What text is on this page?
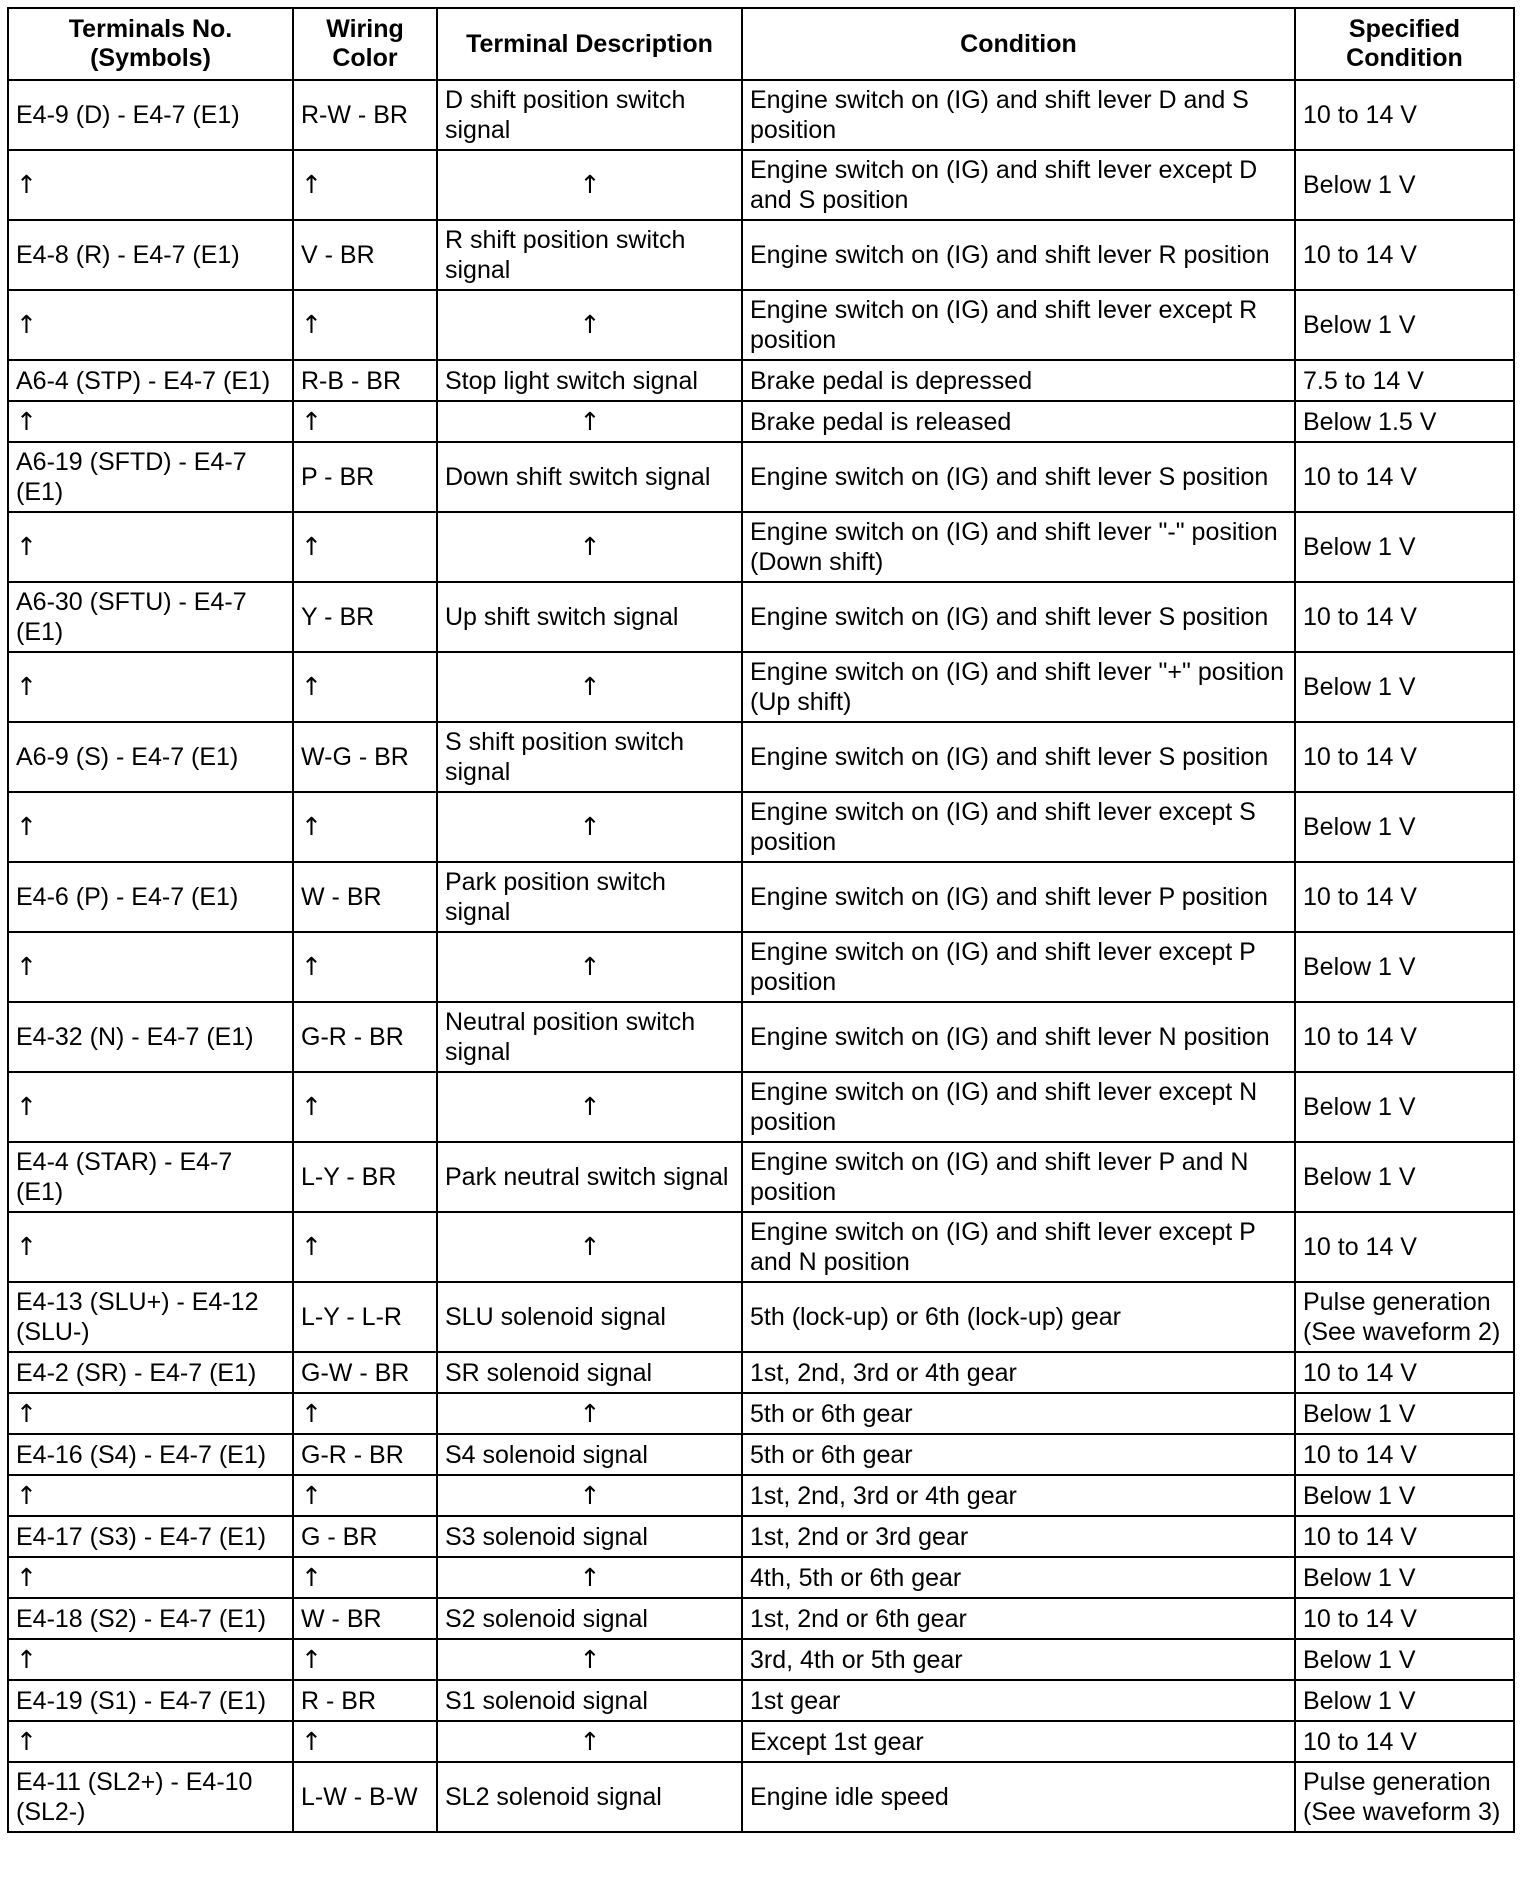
Terminals No. (Symbols)	Wiring Color	Terminal Description	Condition	Specified Condition
E4-9 (D) - E4-7 (E1)	R-W - BR	D shift position switch signal	Engine switch on (IG) and shift lever D and S position	10 to 14 V
↑	↑	↑	Engine switch on (IG) and shift lever except D and S position	Below 1 V
E4-8 (R) - E4-7 (E1)	V - BR	R shift position switch signal	Engine switch on (IG) and shift lever R position	10 to 14 V
↑	↑	↑	Engine switch on (IG) and shift lever except R position	Below 1 V
A6-4 (STP) - E4-7 (E1)	R-B - BR	Stop light switch signal	Brake pedal is depressed	7.5 to 14 V
↑	↑	↑	Brake pedal is released	Below 1.5 V
A6-19 (SFTD) - E4-7 (E1)	P - BR	Down shift switch signal	Engine switch on (IG) and shift lever S position	10 to 14 V
↑	↑	↑	Engine switch on (IG) and shift lever "-" position (Down shift)	Below 1 V
A6-30 (SFTU) - E4-7 (E1)	Y - BR	Up shift switch signal	Engine switch on (IG) and shift lever S position	10 to 14 V
↑	↑	↑	Engine switch on (IG) and shift lever "+" position (Up shift)	Below 1 V
A6-9 (S) - E4-7 (E1)	W-G - BR	S shift position switch signal	Engine switch on (IG) and shift lever S position	10 to 14 V
↑	↑	↑	Engine switch on (IG) and shift lever except S position	Below 1 V
E4-6 (P) - E4-7 (E1)	W - BR	Park position switch signal	Engine switch on (IG) and shift lever P position	10 to 14 V
↑	↑	↑	Engine switch on (IG) and shift lever except P position	Below 1 V
E4-32 (N) - E4-7 (E1)	G-R - BR	Neutral position switch signal	Engine switch on (IG) and shift lever N position	10 to 14 V
↑	↑	↑	Engine switch on (IG) and shift lever except N position	Below 1 V
E4-4 (STAR) - E4-7 (E1)	L-Y - BR	Park neutral switch signal	Engine switch on (IG) and shift lever P and N position	Below 1 V
↑	↑	↑	Engine switch on (IG) and shift lever except P and N position	10 to 14 V
E4-13 (SLU+) - E4-12 (SLU-)	L-Y - L-R	SLU solenoid signal	5th (lock-up) or 6th (lock-up) gear	Pulse generation (See waveform 2)
E4-2 (SR) - E4-7 (E1)	G-W - BR	SR solenoid signal	1st, 2nd, 3rd or 4th gear	10 to 14 V
↑	↑	↑	5th or 6th gear	Below 1 V
E4-16 (S4) - E4-7 (E1)	G-R - BR	S4 solenoid signal	5th or 6th gear	10 to 14 V
↑	↑	↑	1st, 2nd, 3rd or 4th gear	Below 1 V
E4-17 (S3) - E4-7 (E1)	G - BR	S3 solenoid signal	1st, 2nd or 3rd gear	10 to 14 V
↑	↑	↑	4th, 5th or 6th gear	Below 1 V
E4-18 (S2) - E4-7 (E1)	W - BR	S2 solenoid signal	1st, 2nd or 6th gear	10 to 14 V
↑	↑	↑	3rd, 4th or 5th gear	Below 1 V
E4-19 (S1) - E4-7 (E1)	R - BR	S1 solenoid signal	1st gear	Below 1 V
↑	↑	↑	Except 1st gear	10 to 14 V
E4-11 (SL2+) - E4-10 (SL2-)	L-W - B-W	SL2 solenoid signal	Engine idle speed	Pulse generation (See waveform 3)
